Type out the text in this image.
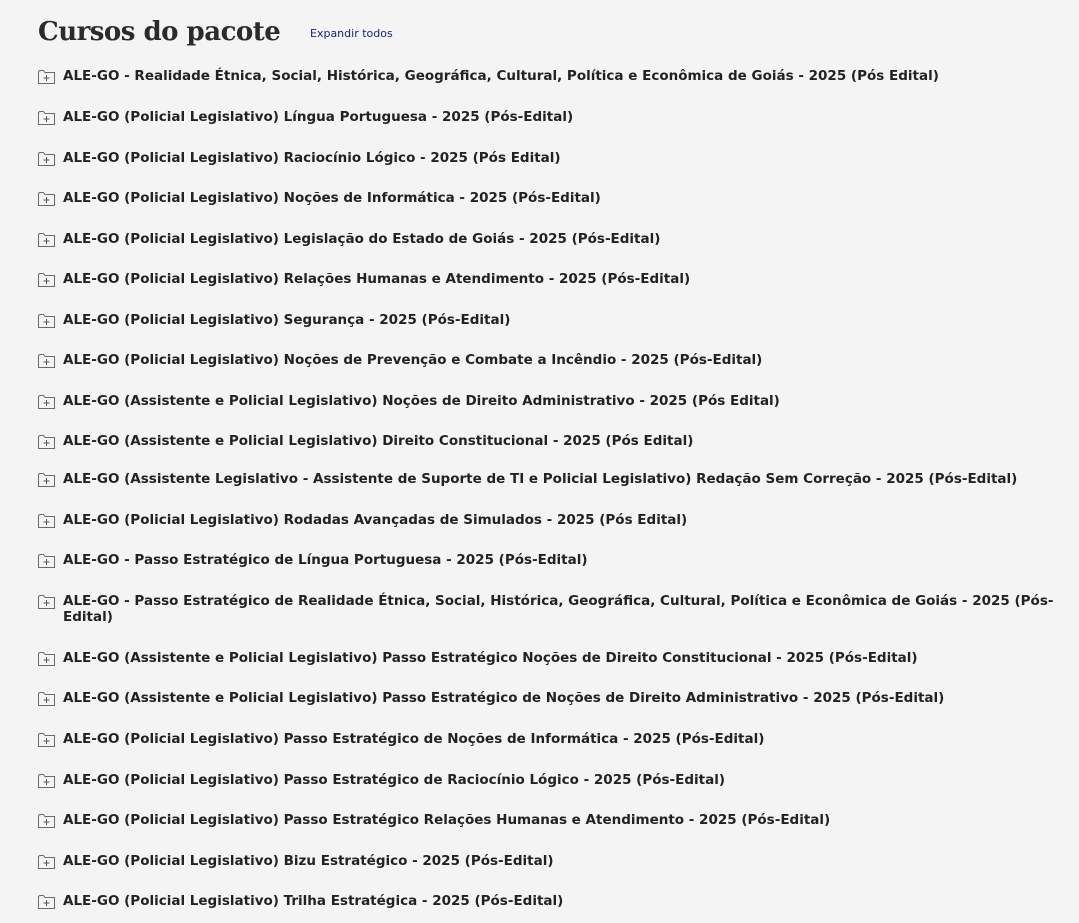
Cursos do pacote	Expandir todos
ALE-GO - Realidade Étnica, Social, Histórica, Geográfica, Cultural, Política e Econômica de Goiás - 2025 (Pós Edital)
ALE-GO (Policial Legislativo) Língua Portuguesa - 2025 (Pós-Edital)
ALE-GO (Policial Legislativo) Raciocínio Lógico - 2025 (Pós Edital)
ALE-GO (Policial Legislativo) Noções de Informática - 2025 (Pós-Edital)
ALE-GO (Policial Legislativo) Legislação do Estado de Goiás - 2025 (Pós-Edital)
ALE-GO (Policial Legislativo) Relações Humanas e Atendimento - 2025 (Pós-Edital)
ALE-GO (Policial Legislativo) Segurança - 2025 (Pós-Edital)
ALE-GO (Policial Legislativo) Noções de Prevenção e Combate a Incêndio - 2025 (Pós-Edital)
ALE-GO (Assistente e Policial Legislativo) Noções de Direito Administrativo - 2025 (Pós Edital)
ALE-GO (Assistente e Policial Legislativo) Direito Constitucional - 2025 (Pós Edital)
ALE-GO (Assistente Legislativo - Assistente de Suporte de TI e Policial Legislativo) Redação Sem Correção - 2025 (Pós-Edital)
ALE-GO (Policial Legislativo) Rodadas Avançadas de Simulados - 2025 (Pós Edital)
ALE-GO - Passo Estratégico de Língua Portuguesa - 2025 (Pós-Edital)
ALE-GO - Passo Estratégico de Realidade Étnica, Social, Histórica, Geográfica, Cultural, Política e Econômica de Goiás - 2025 (Pós-Edital)
ALE-GO (Assistente e Policial Legislativo) Passo Estratégico Noções de Direito Constitucional - 2025 (Pós-Edital)
ALE-GO (Assistente e Policial Legislativo) Passo Estratégico de Noções de Direito Administrativo - 2025 (Pós-Edital)
ALE-GO (Policial Legislativo) Passo Estratégico de Noções de Informática - 2025 (Pós-Edital)
ALE-GO (Policial Legislativo) Passo Estratégico de Raciocínio Lógico - 2025 (Pós-Edital)
ALE-GO (Policial Legislativo) Passo Estratégico Relações Humanas e Atendimento - 2025 (Pós-Edital)
ALE-GO (Policial Legislativo) Bizu Estratégico - 2025 (Pós-Edital)
ALE-GO (Policial Legislativo) Trilha Estratégica - 2025 (Pós-Edital)
